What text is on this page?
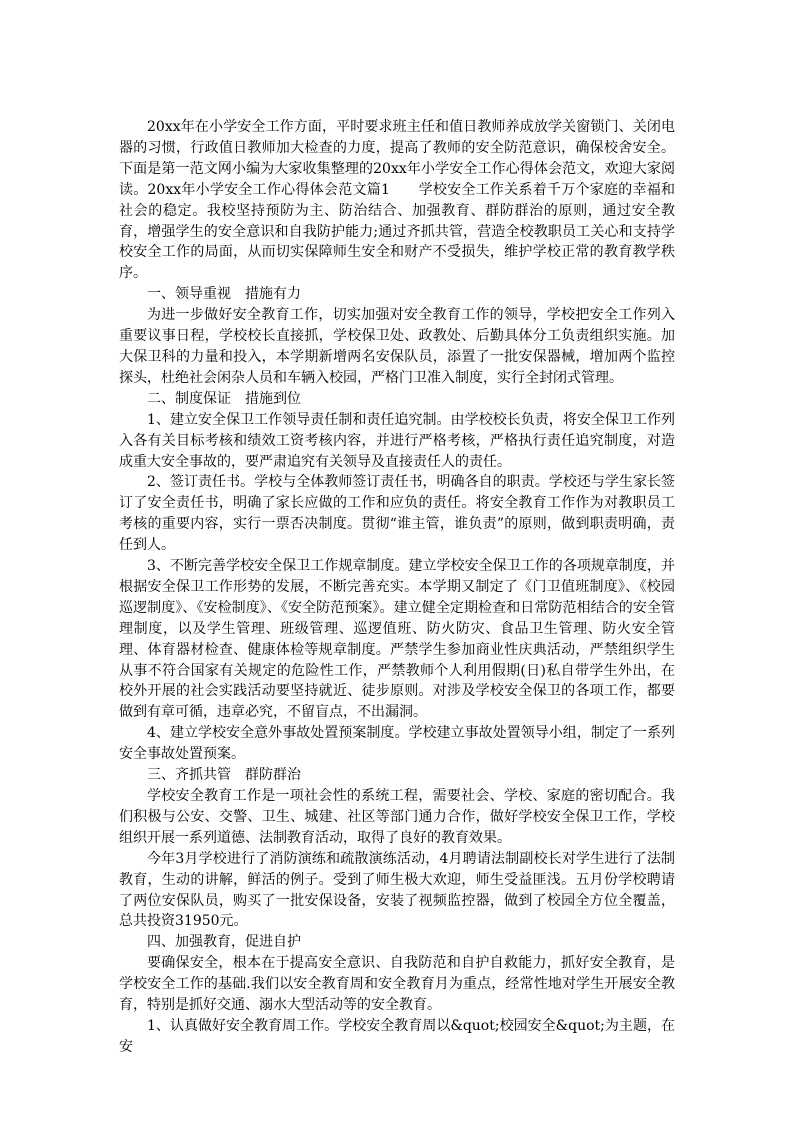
20xx年在小学安全工作方面，平时要求班主任和值日教师养成放学关窗锁门、关闭电器的习惯，行政值日教师加大检查的力度，提高了教师的安全防范意识，确保校舍安全。下面是第一范文网小编为大家收集整理的20xx年小学安全工作心得体会范文，欢迎大家阅读。20xx年小学安全工作心得体会范文篇1　　学校安全工作关系着千万个家庭的幸福和社会的稳定。我校坚持预防为主、防治结合、加强教育、群防群治的原则，通过安全教育，增强学生的安全意识和自我防护能力;通过齐抓共管，营造全校教职员工关心和支持学校安全工作的局面，从而切实保障师生安全和财产不受损失，维护学校正常的教育教学秩序。

一、领导重视　措施有力

为进一步做好安全教育工作，切实加强对安全教育工作的领导，学校把安全工作列入重要议事日程，学校校长直接抓，学校保卫处、政教处、后勤具体分工负责组织实施。加大保卫科的力量和投入，本学期新增两名安保队员，添置了一批安保器械，增加两个监控探头，杜绝社会闲杂人员和车辆入校园，严格门卫准入制度，实行全封闭式管理。

二、制度保证　措施到位

1、建立安全保卫工作领导责任制和责任追究制。由学校校长负责，将安全保卫工作列入各有关目标考核和绩效工资考核内容，并进行严格考核，严格执行责任追究制度，对造成重大安全事故的，要严肃追究有关领导及直接责任人的责任。

2、签订责任书。学校与全体教师签订责任书，明确各自的职责。学校还与学生家长签订了安全责任书，明确了家长应做的工作和应负的责任。将安全教育工作作为对教职员工考核的重要内容，实行一票否决制度。贯彻“谁主管，谁负责”的原则，做到职责明确，责任到人。

3、不断完善学校安全保卫工作规章制度。建立学校安全保卫工作的各项规章制度，并根据安全保卫工作形势的发展，不断完善充实。本学期又制定了《门卫值班制度》、《校园巡逻制度》、《安检制度》、《安全防范预案》。建立健全定期检查和日常防范相结合的安全管理制度，以及学生管理、班级管理、巡逻值班、防火防灾、食品卫生管理、防火安全管理、体育器材检查、健康体检等规章制度。严禁学生参加商业性庆典活动，严禁组织学生从事不符合国家有关规定的危险性工作，严禁教师个人利用假期(日)私自带学生外出，在校外开展的社会实践活动要坚持就近、徒步原则。对涉及学校安全保卫的各项工作，都要做到有章可循，违章必究，不留盲点，不出漏洞。

4、建立学校安全意外事故处置预案制度。学校建立事故处置领导小组，制定了一系列安全事故处置预案。

三、齐抓共管　群防群治

学校安全教育工作是一项社会性的系统工程，需要社会、学校、家庭的密切配合。我们积极与公安、交警、卫生、城建、社区等部门通力合作，做好学校安全保卫工作，学校组织开展一系列道德、法制教育活动，取得了良好的教育效果。

今年3月学校进行了消防演练和疏散演练活动，4月聘请法制副校长对学生进行了法制教育，生动的讲解，鲜活的例子。受到了师生极大欢迎，师生受益匪浅。五月份学校聘请了两位安保队员，购买了一批安保设备，安装了视频监控器，做到了校园全方位全覆盖，总共投资31950元。

四、加强教育，促进自护

要确保安全，根本在于提高安全意识、自我防范和自护自救能力，抓好安全教育，是学校安全工作的基础.我们以安全教育周和安全教育月为重点，经常性地对学生开展安全教育，特别是抓好交通、溺水大型活动等的安全教育。

1、认真做好安全教育周工作。学校安全教育周以&quot;校园安全&quot;为主题，在安
